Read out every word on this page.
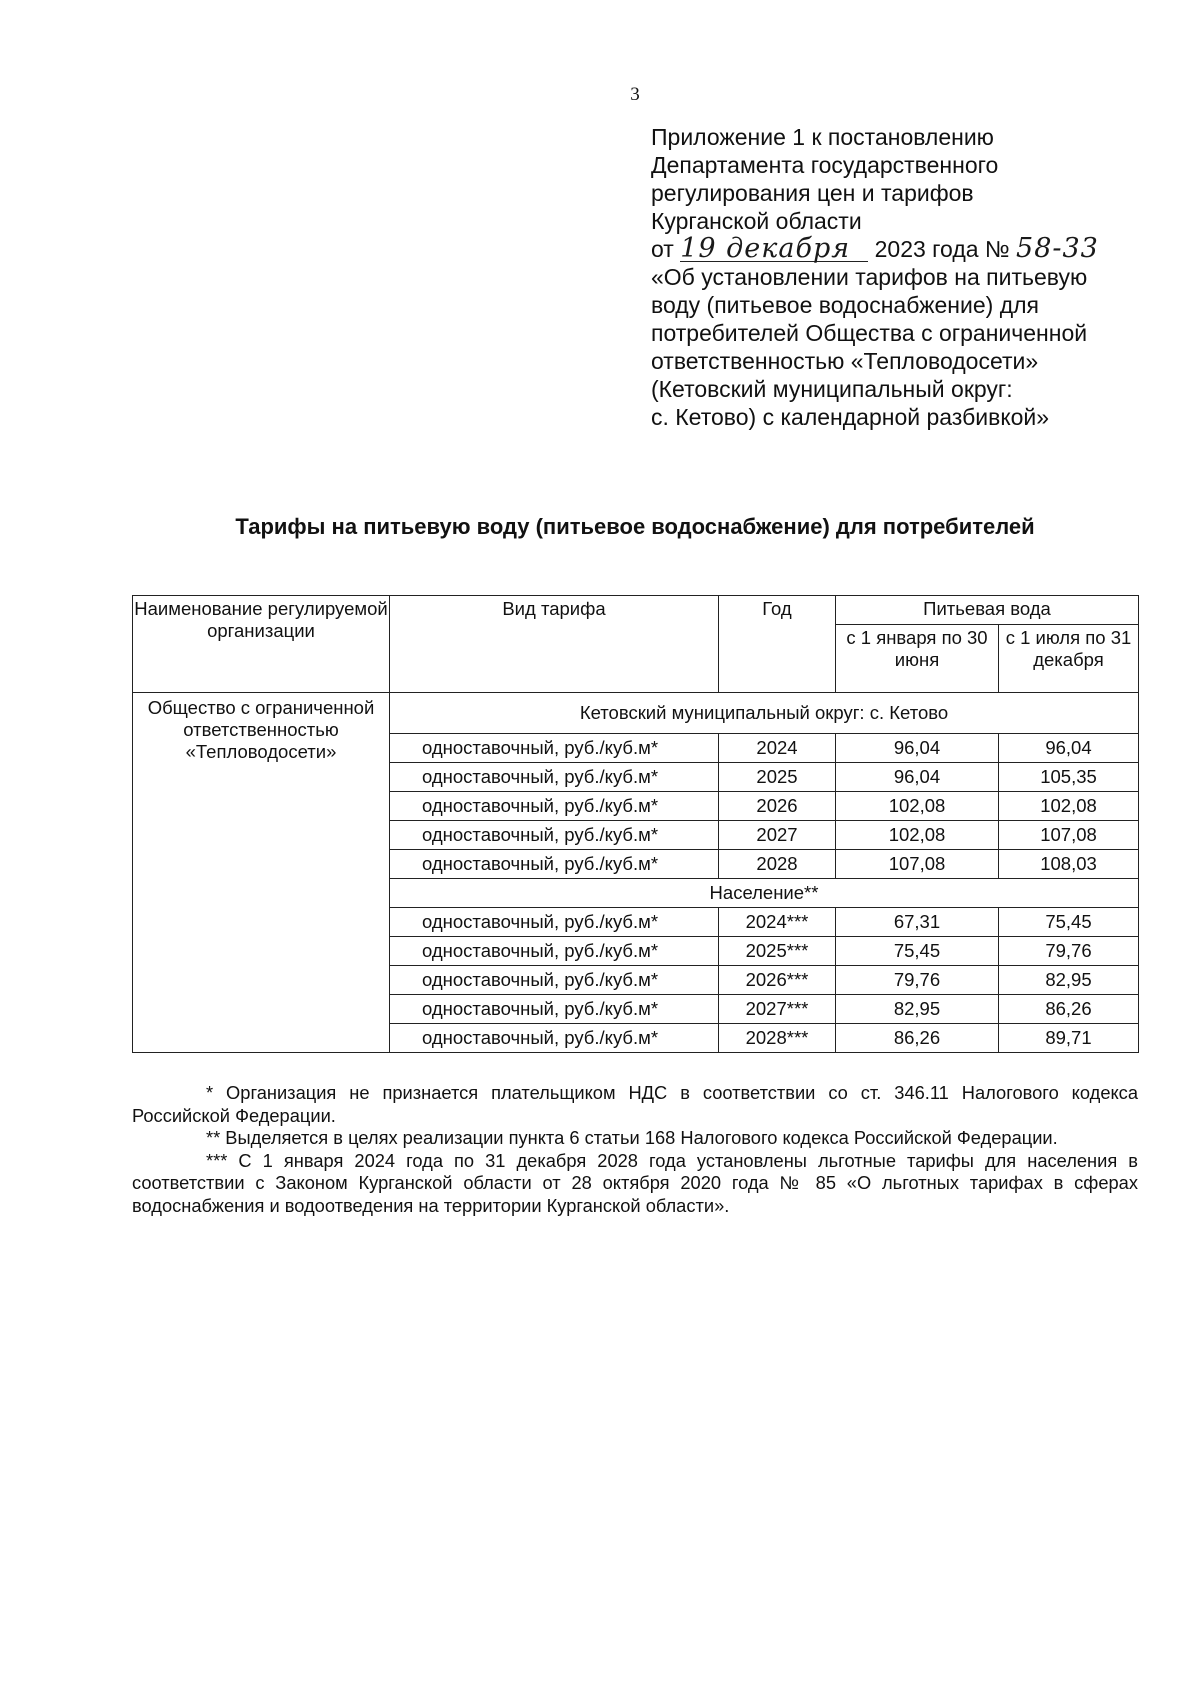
3
Приложение 1 к постановлению
Департамента государственного
регулирования цен и тарифов
Курганской области
от 19 декабря 2023 года № 58-33
«Об установлении тарифов на питьевую
воду (питьевое водоснабжение) для
потребителей Общества с ограниченной
ответственностью «Тепловодосети»
(Кетовский муниципальный округ:
с. Кетово) с календарной разбивкой»
Тарифы на питьевую воду (питьевое водоснабжение) для потребителей
Наименование регулируемой организации	Вид тарифа	Год	Питьевая вода	
			с 1 января по 30 июня	с 1 июля по 31 декабря
Общество с ограниченной ответственностью «Тепловодосети»	Кетовский муниципальный округ: с. Кетово			
	одноставочный, руб./куб.м*	2024	96,04	96,04
	одноставочный, руб./куб.м*	2025	96,04	105,35
	одноставочный, руб./куб.м*	2026	102,08	102,08
	одноставочный, руб./куб.м*	2027	102,08	107,08
	одноставочный, руб./куб.м*	2028	107,08	108,03
	Население**			
	одноставочный, руб./куб.м*	2024***	67,31	75,45
	одноставочный, руб./куб.м*	2025***	75,45	79,76
	одноставочный, руб./куб.м*	2026***	79,76	82,95
	одноставочный, руб./куб.м*	2027***	82,95	86,26
	одноставочный, руб./куб.м*	2028***	86,26	89,71

* Организация не признается плательщиком НДС в соответствии со ст. 346.11 Налогового кодекса Российской Федерации.

** Выделяется в целях реализации пункта 6 статьи 168 Налогового кодекса Российской Федерации.

*** С 1 января 2024 года по 31 декабря 2028 года установлены льготные тарифы для населения в соответствии с Законом Курганской области от 28 октября 2020 года № 85 «О льготных тарифах в сферах водоснабжения и водоотведения на территории Курганской области».
